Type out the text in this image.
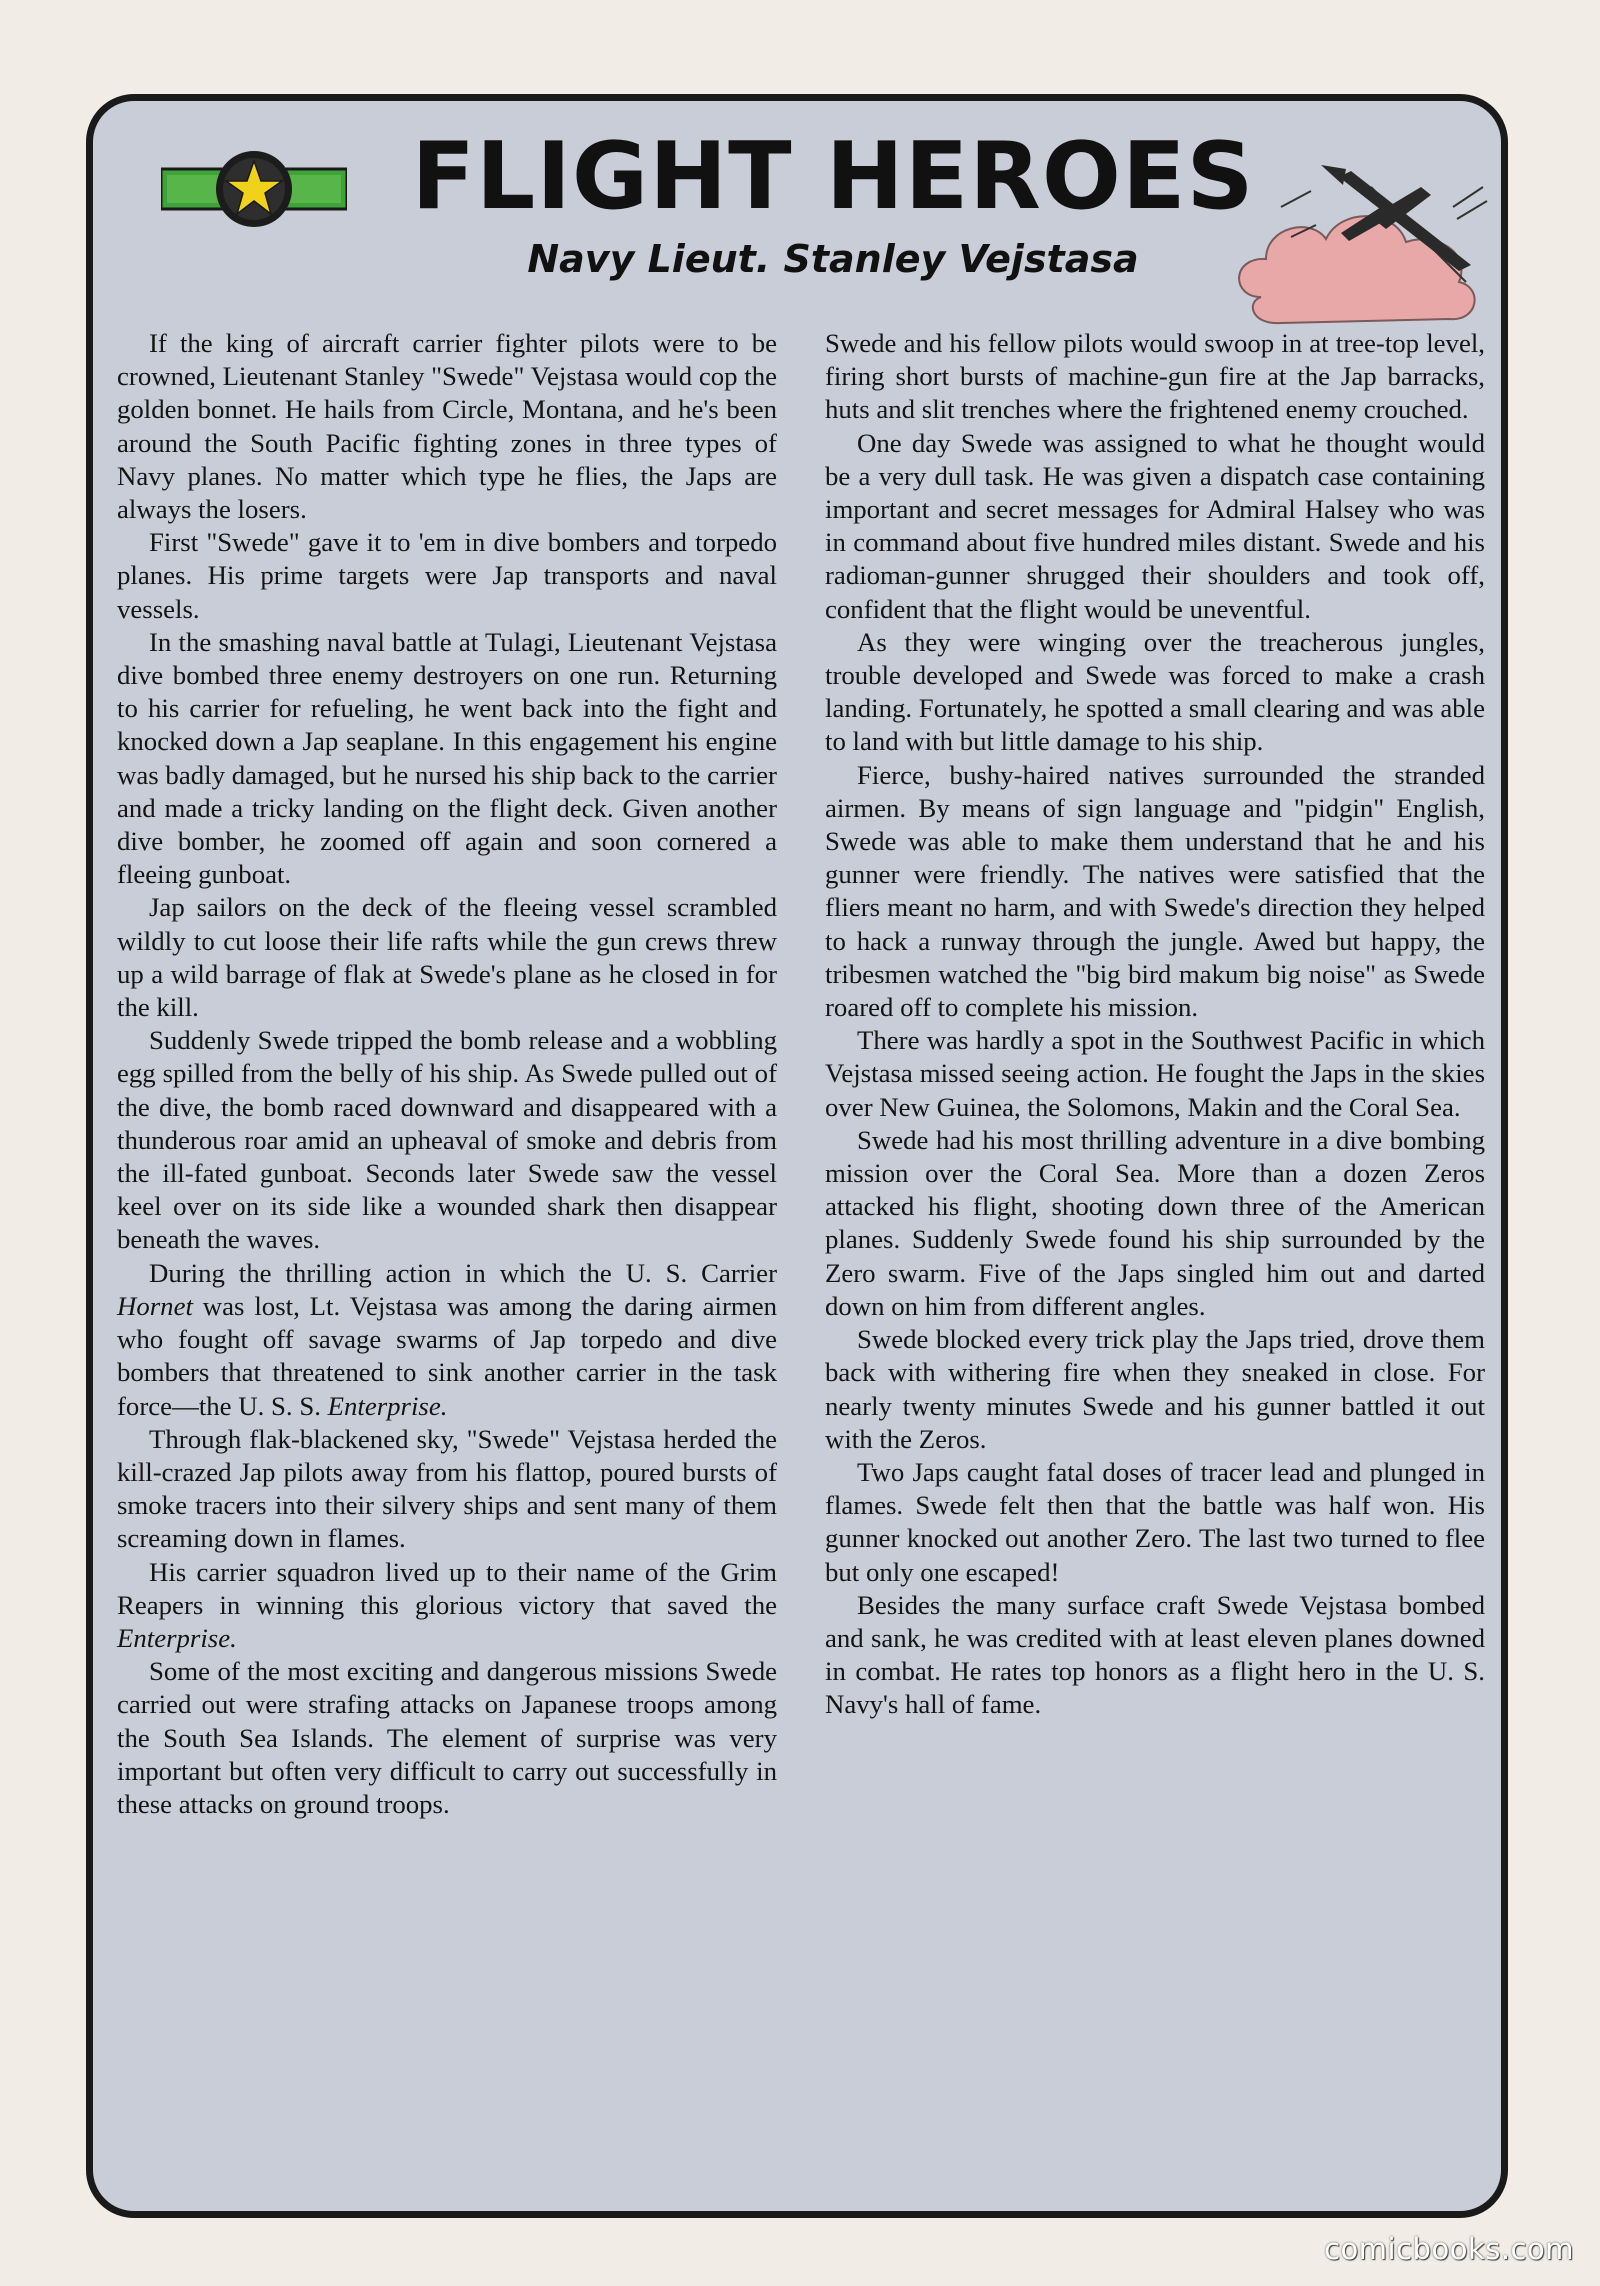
FLIGHT HEROES
Navy Lieut. Stanley Vejstasa

If the king of aircraft carrier fighter pilots were to be crowned, Lieutenant Stanley "Swede" Vejstasa would cop the golden bonnet. He hails from Circle, Montana, and he's been around the South Pacific fighting zones in three types of Navy planes. No matter which type he flies, the Japs are always the losers.

First "Swede" gave it to 'em in dive bombers and torpedo planes. His prime targets were Jap transports and naval vessels.

In the smashing naval battle at Tulagi, Lieutenant Vejstasa dive bombed three enemy destroyers on one run. Returning to his carrier for refueling, he went back into the fight and knocked down a Jap seaplane. In this engagement his engine was badly damaged, but he nursed his ship back to the carrier and made a tricky landing on the flight deck. Given another dive bomber, he zoomed off again and soon cornered a fleeing gunboat.

Jap sailors on the deck of the fleeing vessel scrambled wildly to cut loose their life rafts while the gun crews threw up a wild barrage of flak at Swede's plane as he closed in for the kill.

Suddenly Swede tripped the bomb release and a wobbling egg spilled from the belly of his ship. As Swede pulled out of the dive, the bomb raced downward and disappeared with a thunderous roar amid an upheaval of smoke and debris from the ill-fated gunboat. Seconds later Swede saw the vessel keel over on its side like a wounded shark then disappear beneath the waves.

During the thrilling action in which the U. S. Carrier Hornet was lost, Lt. Vejstasa was among the daring airmen who fought off savage swarms of Jap torpedo and dive bombers that threatened to sink another carrier in the task force—the U. S. S. Enterprise.

Through flak-blackened sky, "Swede" Vejstasa herded the kill-crazed Jap pilots away from his flattop, poured bursts of smoke tracers into their silvery ships and sent many of them screaming down in flames.

His carrier squadron lived up to their name of the Grim Reapers in winning this glorious victory that saved the Enterprise.

Some of the most exciting and dangerous missions Swede carried out were strafing attacks on Japanese troops among the South Sea Islands. The element of surprise was very important but often very difficult to carry out successfully in these attacks on ground troops.

Swede and his fellow pilots would swoop in at tree-top level, firing short bursts of machine-gun fire at the Jap barracks, huts and slit trenches where the frightened enemy crouched.

One day Swede was assigned to what he thought would be a very dull task. He was given a dispatch case containing important and secret messages for Admiral Halsey who was in command about five hundred miles distant. Swede and his radioman-gunner shrugged their shoulders and took off, confident that the flight would be uneventful.

As they were winging over the treacherous jungles, trouble developed and Swede was forced to make a crash landing. Fortunately, he spotted a small clearing and was able to land with but little damage to his ship.

Fierce, bushy-haired natives surrounded the stranded airmen. By means of sign language and "pidgin" English, Swede was able to make them understand that he and his gunner were friendly. The natives were satisfied that the fliers meant no harm, and with Swede's direction they helped to hack a runway through the jungle. Awed but happy, the tribesmen watched the "big bird makum big noise" as Swede roared off to complete his mission.

There was hardly a spot in the Southwest Pacific in which Vejstasa missed seeing action. He fought the Japs in the skies over New Guinea, the Solomons, Makin and the Coral Sea.

Swede had his most thrilling adventure in a dive bombing mission over the Coral Sea. More than a dozen Zeros attacked his flight, shooting down three of the American planes. Suddenly Swede found his ship surrounded by the Zero swarm. Five of the Japs singled him out and darted down on him from different angles.

Swede blocked every trick play the Japs tried, drove them back with withering fire when they sneaked in close. For nearly twenty minutes Swede and his gunner battled it out with the Zeros.

Two Japs caught fatal doses of tracer lead and plunged in flames. Swede felt then that the battle was half won. His gunner knocked out another Zero. The last two turned to flee but only one escaped!

Besides the many surface craft Swede Vejstasa bombed and sank, he was credited with at least eleven planes downed in combat. He rates top honors as a flight hero in the U. S. Navy's hall of fame.

comicbooks.com
